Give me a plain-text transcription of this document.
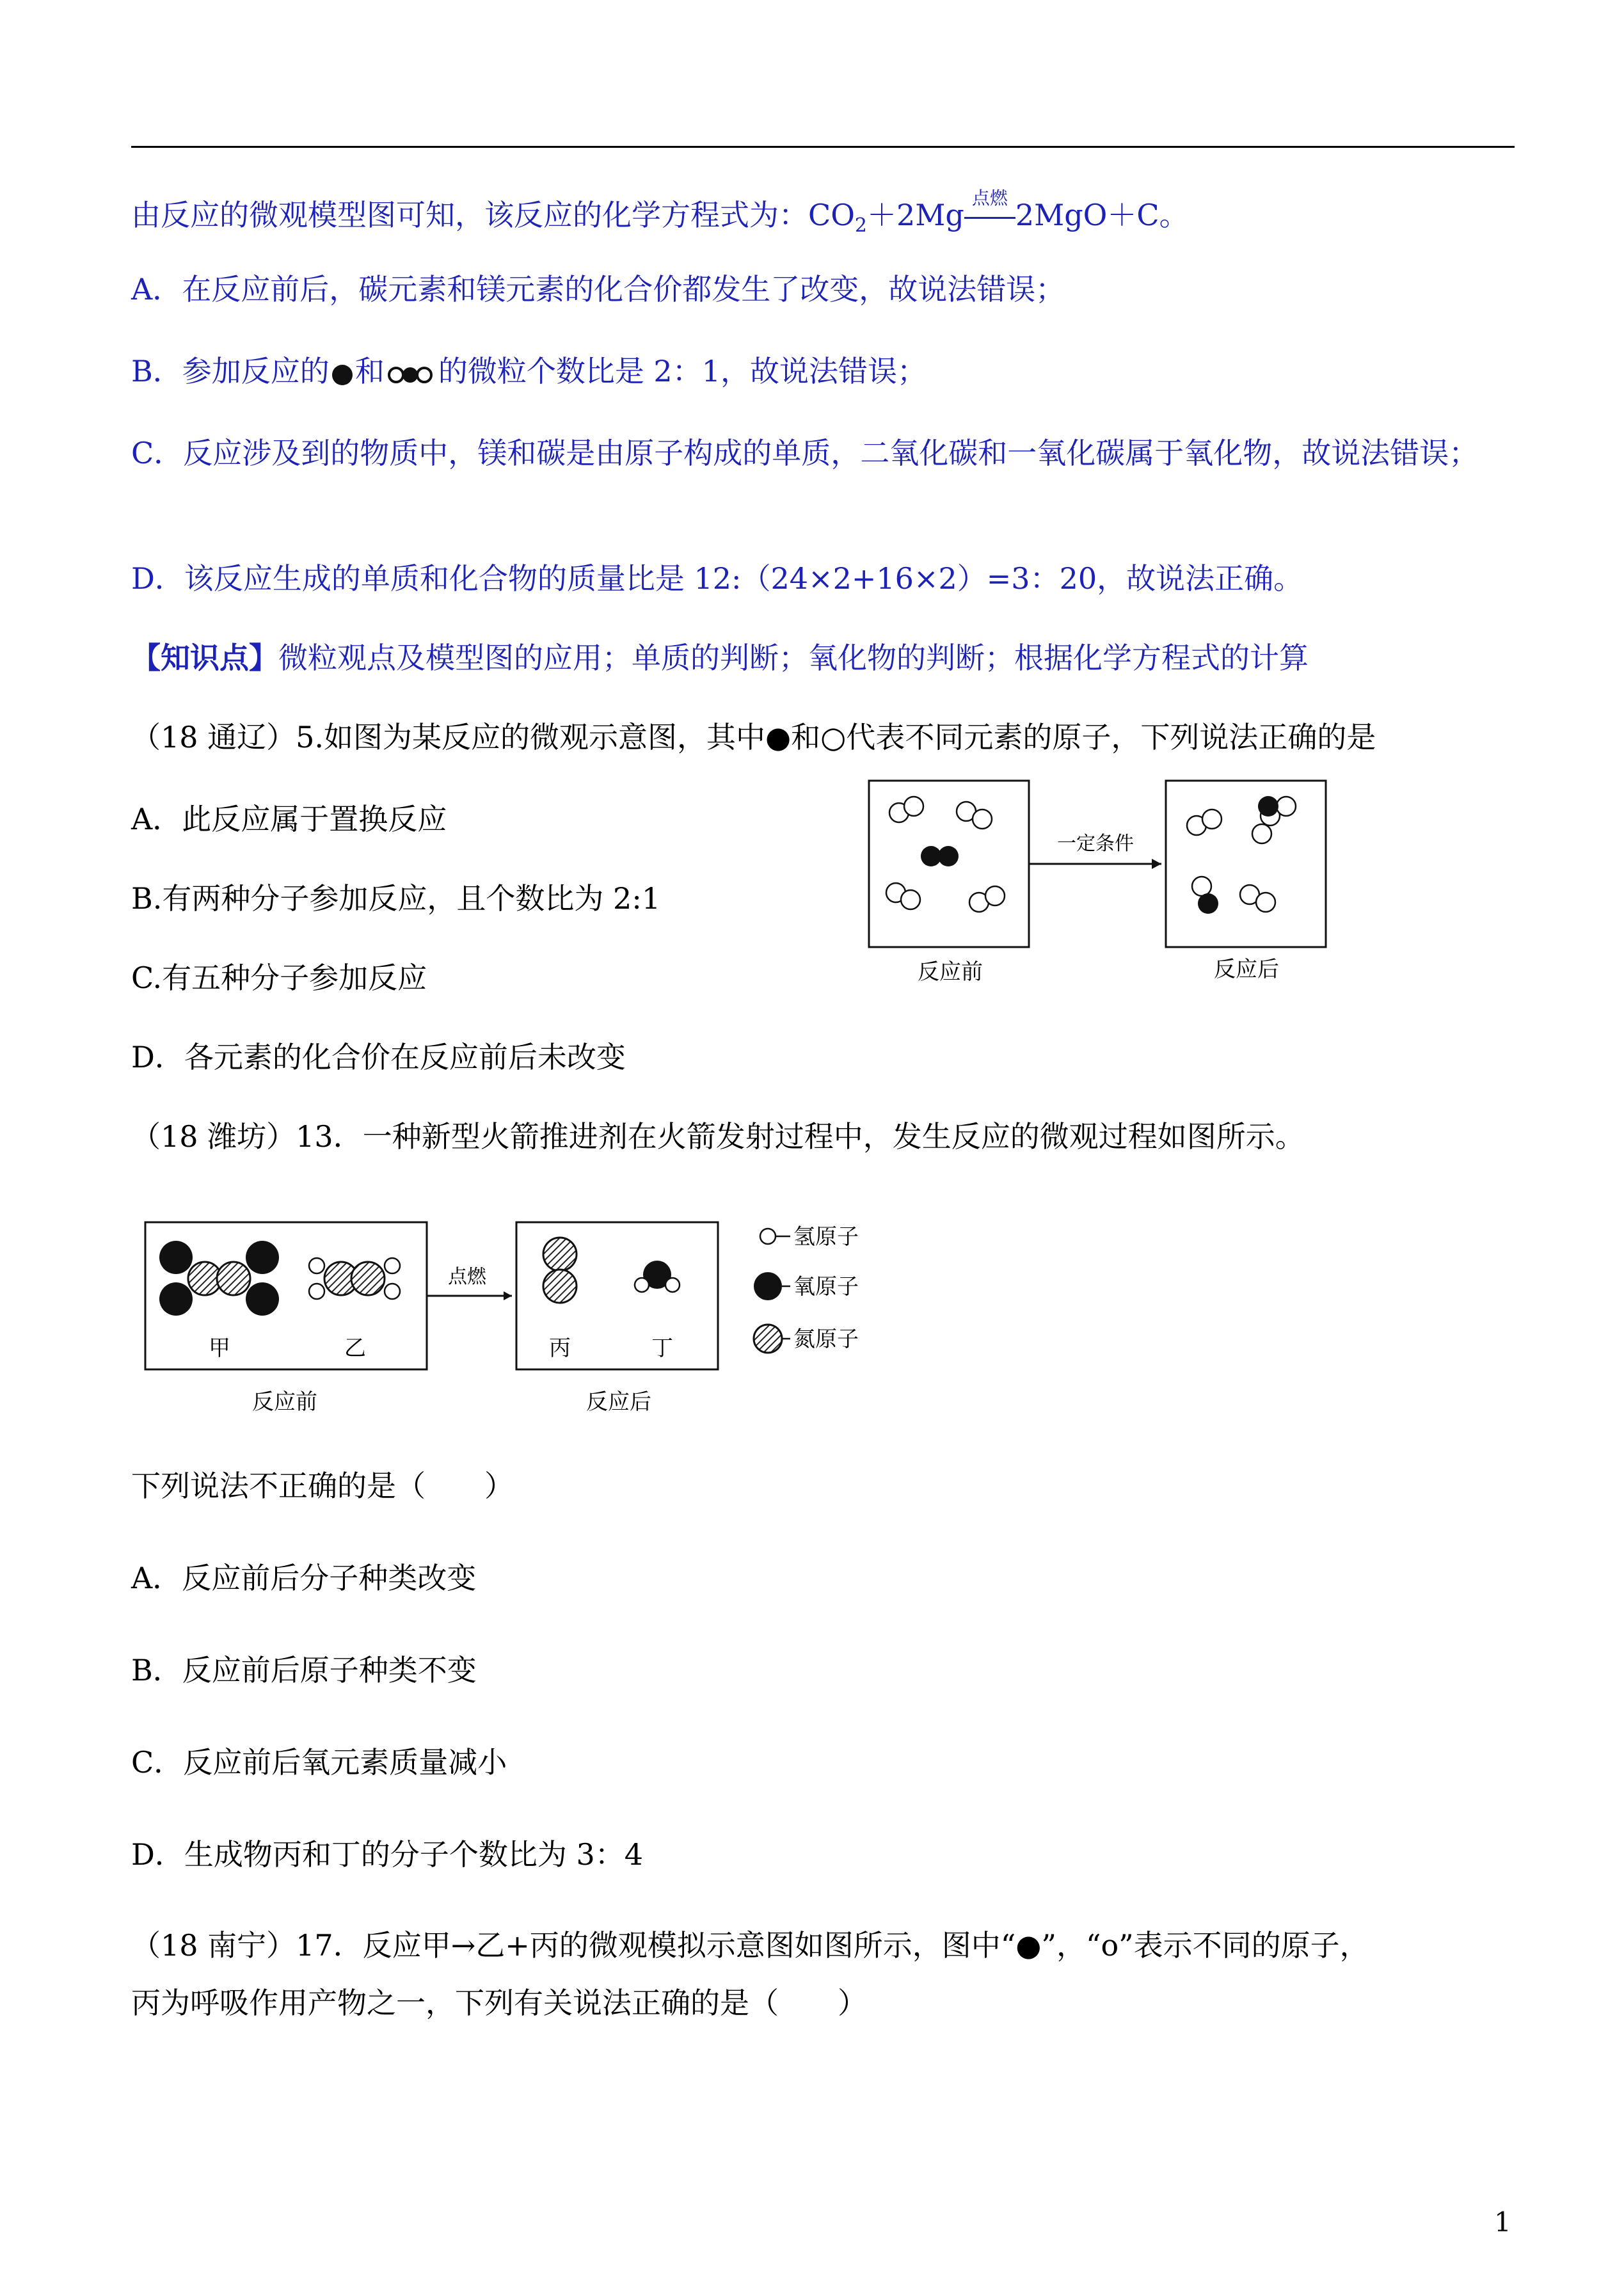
由反应的微观模型图可知，该反应的化学方程式为：$CO_2+2Mg$ 点燃 2MgO＋C。
A．在反应前后，碳元素和镁元素的化合价都发生了改变，故说法错误；
B．参加反应的 和 的微粒个数比是 2：1，故说法错误；
C．反应涉及到的物质中，镁和碳是由原子构成的单质，二氧化碳和一氧化碳属于氧化物，故说法错误；
D．该反应生成的单质和化合物的质量比是 12:（24×2+16×2）=3：20，故说法正确。
【知识点】微粒观点及模型图的应用；单质的判断；氧化物的判断；根据化学方程式的计算
（18 通辽）5.如图为某反应的微观示意图，其中●和○代表不同元素的原子，下列说法正确的是
A．此反应属于置换反应
B.有两种分子参加反应，且个数比为 2:1
C.有五种分子参加反应
D．各元素的化合价在反应前后未改变
一定条件
反应前	反应后
（18 潍坊）13．一种新型火箭推进剂在火箭发射过程中，发生反应的微观过程如图所示。
甲	乙
点燃
丙	丁
反应前	反应后
氢原子
氧原子
氮原子
下列说法不正确的是（　　）
A．反应前后分子种类改变
B．反应前后原子种类不变
C．反应前后氧元素质量减小
D．生成物丙和丁的分子个数比为 3：4
（18 南宁）17．反应甲→乙+丙的微观模拟示意图如图所示，图中“●”，“o”表示不同的原子，
丙为呼吸作用产物之一，下列有关说法正确的是（　　）
1
